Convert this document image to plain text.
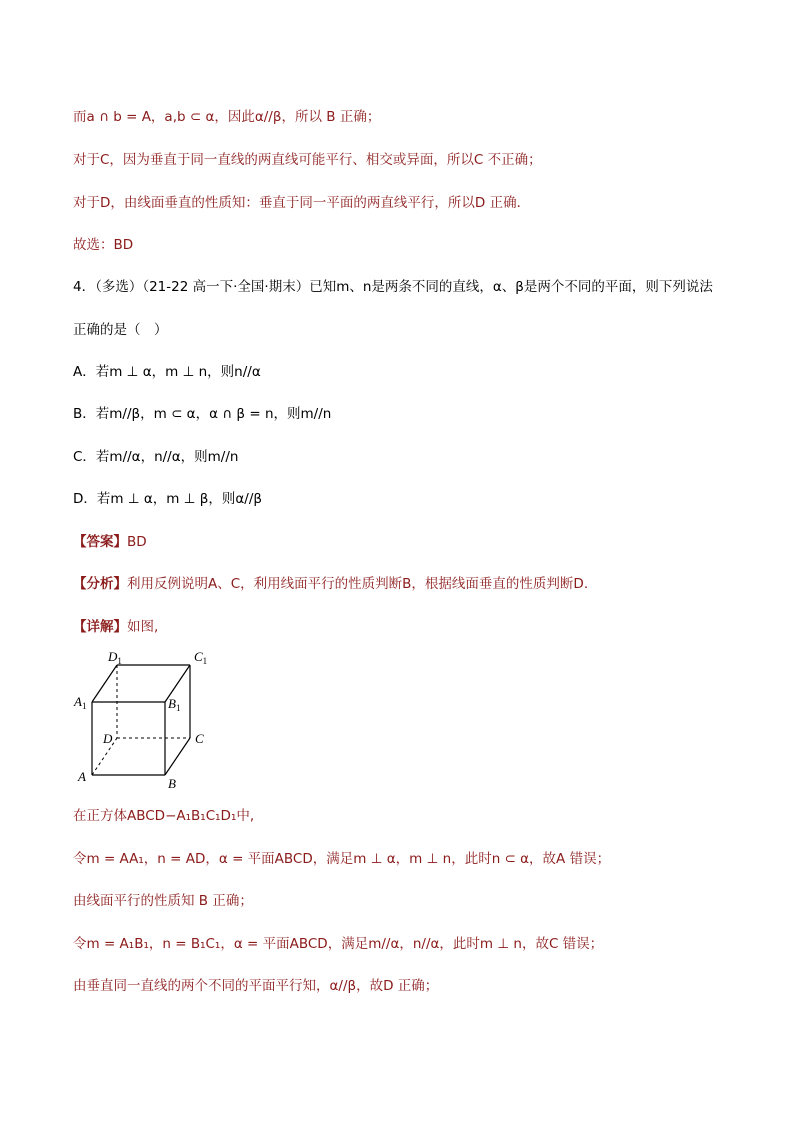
而a ∩ b = A，a,b ⊂ α，因此α//β，所以 B 正确；
对于C，因为垂直于同一直线的两直线可能平行、相交或异面，所以C 不正确；
对于D，由线面垂直的性质知：垂直于同一平面的两直线平行，所以D 正确．
故选：BD
4．（多选）（21-22 高一下·全国·期末）已知m、n是两条不同的直线，α、β是两个不同的平面，则下列说法
正确的是（　）
A．若m ⊥ α，m ⊥ n，则n//α
B．若m//β，m ⊂ α，α ∩ β = n，则m//n
C．若m//α，n//α，则m//n
D．若m ⊥ α，m ⊥ β，则α//β
【答案】BD
【分析】利用反例说明A、C，利用线面平行的性质判断B，根据线面垂直的性质判断D.
【详解】如图,
$D_1$	$C_1$
$A_1$	$B_1$
D	C
A	B
在正方体ABCD−A₁B₁C₁D₁中,
令m = AA₁，n = AD，α = 平面ABCD，满足m ⊥ α，m ⊥ n，此时n ⊂ α，故A 错误；
由线面平行的性质知 B 正确；
令m = A₁B₁，n = B₁C₁，α = 平面ABCD，满足m//α，n//α，此时m ⊥ n，故C 错误；
由垂直同一直线的两个不同的平面平行知，α//β，故D 正确；
